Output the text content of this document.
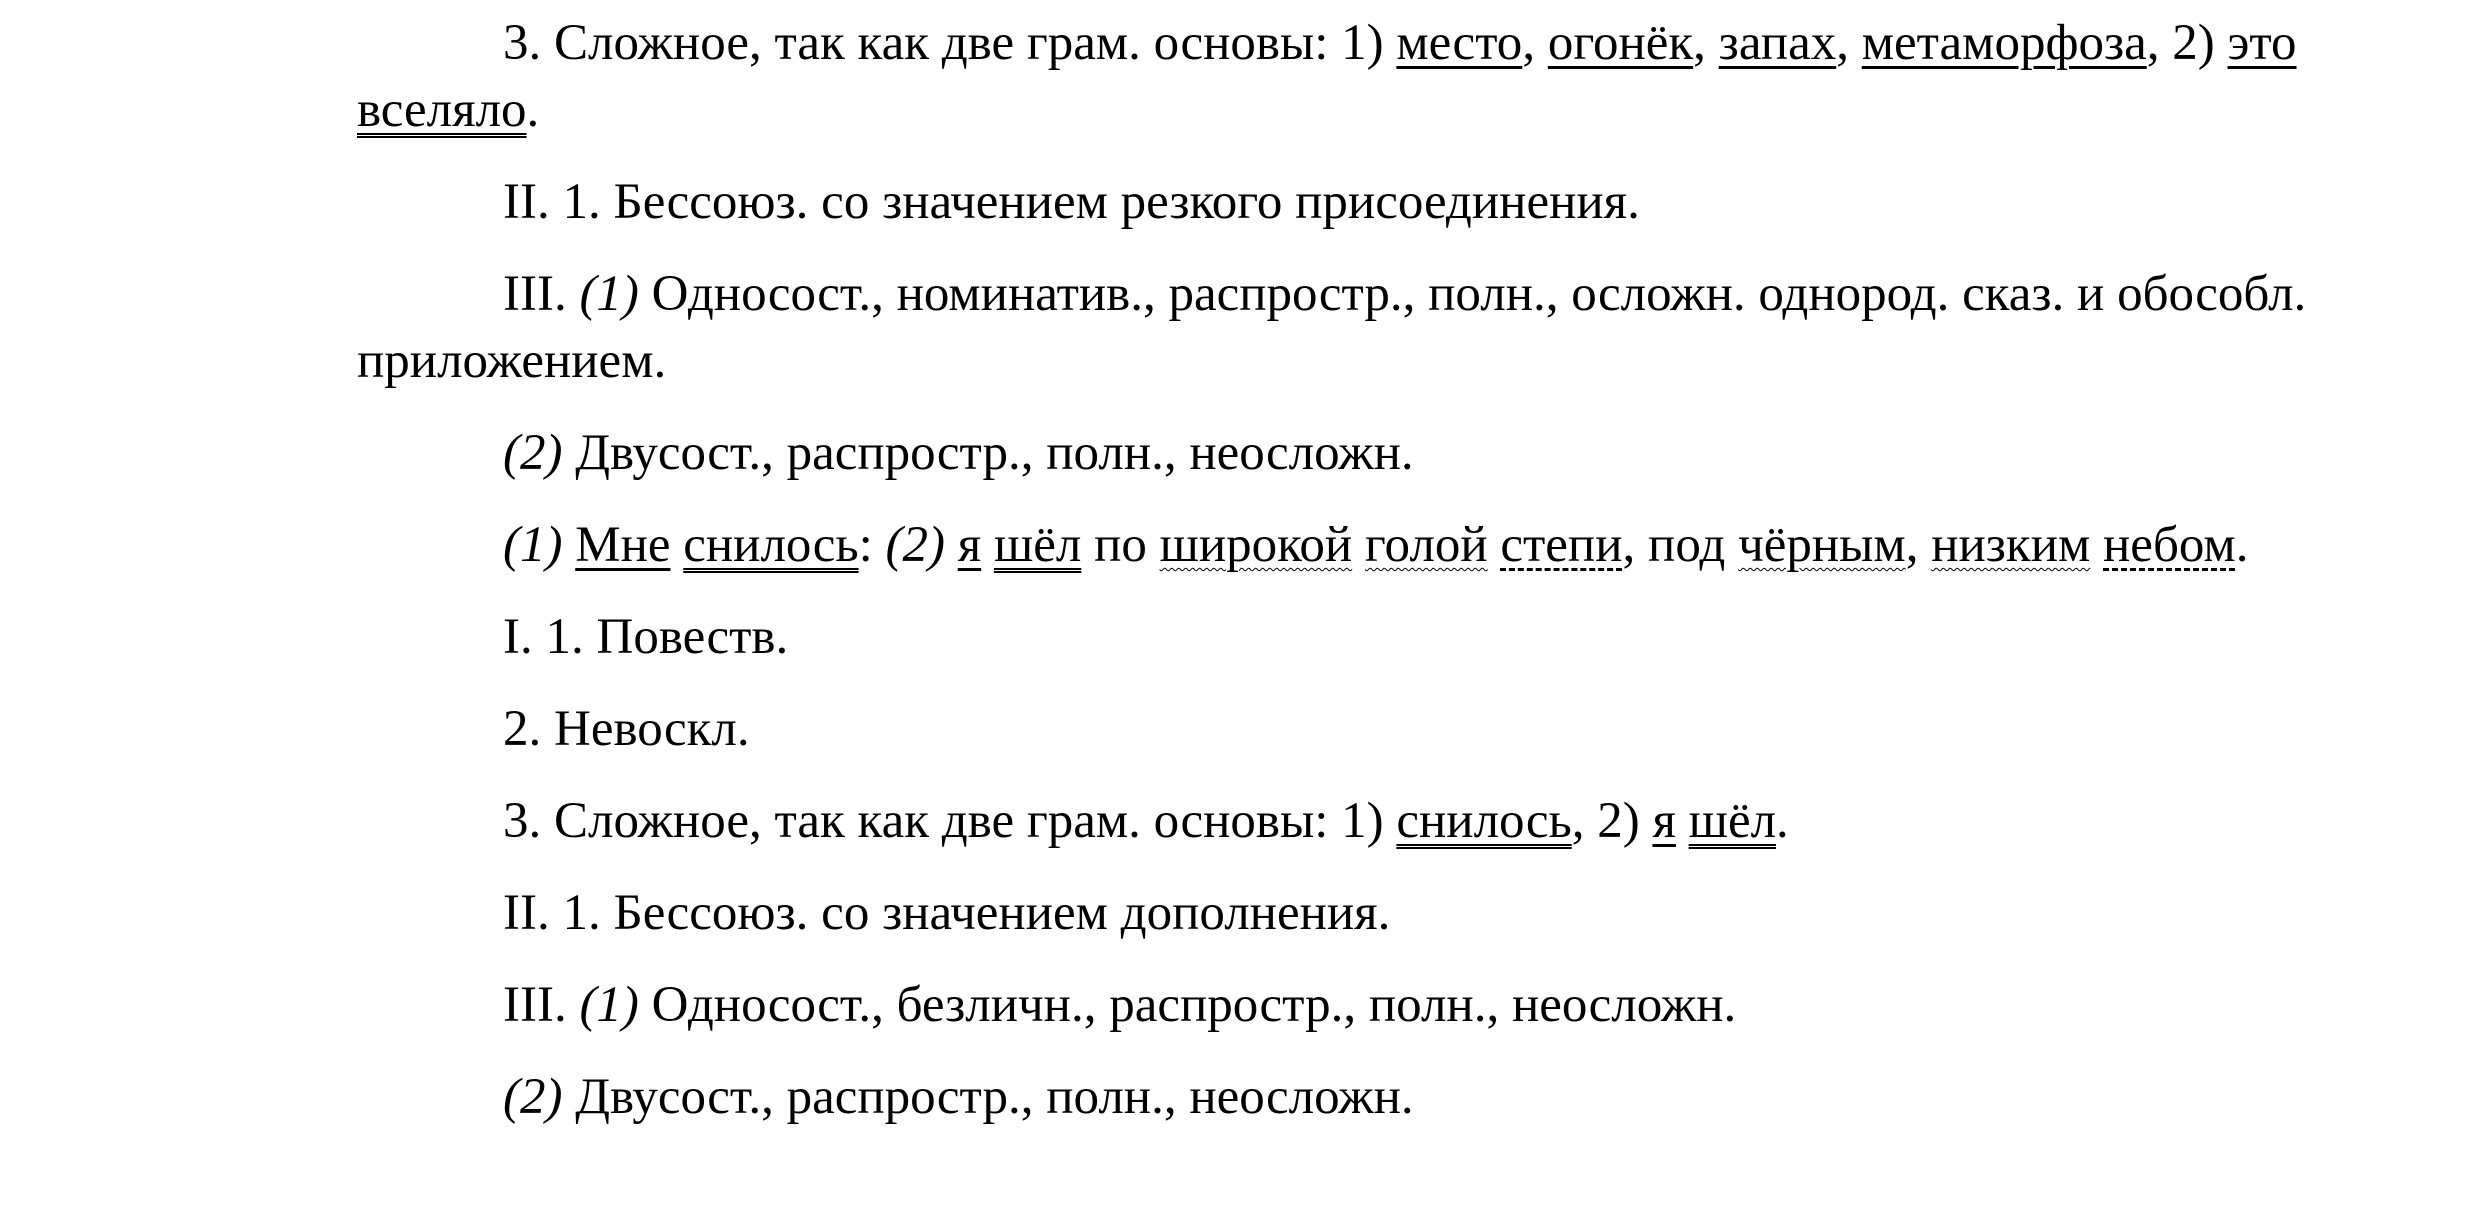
3. Сложное, так как две грам. основы: 1) место, огонёк, запах, метаморфоза, 2) это вселяло.

II. 1. Бессоюз. со значением резкого присоединения.

III. (1) Односост., номинатив., распростр., полн., осложн. однород. сказ. и обособл. приложением.

(2) Двусост., распростр., полн., неосложн.

(1) Мне снилось: (2) я шёл по широкой голой степи, под чёрным, низким небом.

I. 1. Повеств.

2. Невоскл.

3. Сложное, так как две грам. основы: 1) снилось, 2) я шёл.

II. 1. Бессоюз. со значением дополнения.

III. (1) Односост., безличн., распростр., полн., неосложн.

(2) Двусост., распростр., полн., неосложн.
